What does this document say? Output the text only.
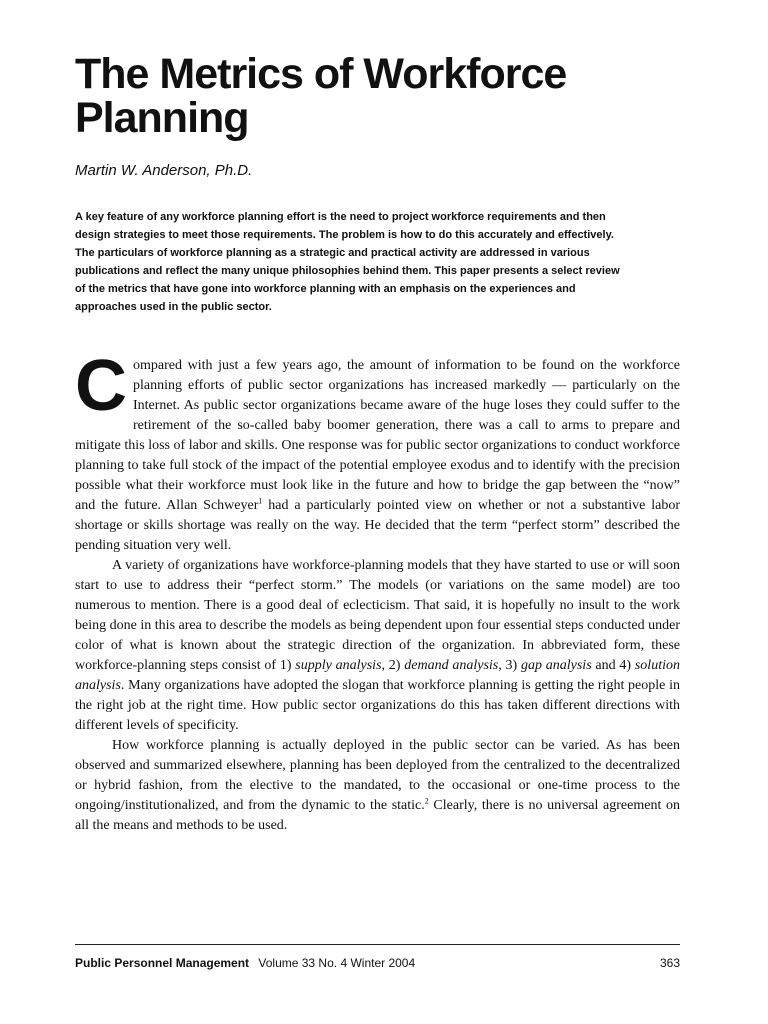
The Metrics of Workforce Planning

Martin W. Anderson, Ph.D.

A key feature of any workforce planning effort is the need to project workforce requirements and then design strategies to meet those requirements. The problem is how to do this accurately and effectively. The particulars of workforce planning as a strategic and practical activity are addressed in various publications and reflect the many unique philosophies behind them. This paper presents a select review of the metrics that have gone into workforce planning with an emphasis on the experiences and approaches used in the public sector.

Compared with just a few years ago, the amount of information to be found on the workforce planning efforts of public sector organizations has increased markedly — particularly on the Internet. As public sector organizations became aware of the huge loses they could suffer to the retirement of the so-called baby boomer generation, there was a call to arms to prepare and mitigate this loss of labor and skills. One response was for public sector organizations to conduct workforce planning to take full stock of the impact of the potential employee exodus and to identify with the precision possible what their workforce must look like in the future and how to bridge the gap between the “now” and the future. Allan Schweyer$^1$ had a particularly pointed view on whether or not a substantive labor shortage or skills shortage was really on the way. He decided that the term “perfect storm” described the pending situation very well.

A variety of organizations have workforce-planning models that they have started to use or will soon start to use to address their “perfect storm.” The models (or variations on the same model) are too numerous to mention. There is a good deal of eclecticism. That said, it is hopefully no insult to the work being done in this area to describe the models as being dependent upon four essential steps conducted under color of what is known about the strategic direction of the organization. In abbreviated form, these workforce-planning steps consist of 1) supply analysis, 2) demand analysis, 3) gap analysis and 4) solution analysis. Many organizations have adopted the slogan that workforce planning is getting the right people in the right job at the right time. How public sector organizations do this has taken different directions with different levels of specificity.

How workforce planning is actually deployed in the public sector can be varied. As has been observed and summarized elsewhere, planning has been deployed from the centralized to the decentralized or hybrid fashion, from the elective to the mandated, to the occasional or one-time process to the ongoing/institutionalized, and from the dynamic to the static.$^2$ Clearly, there is no universal agreement on all the means and methods to be used.

Public Personnel Management Volume 33 No. 4 Winter 2004	363
